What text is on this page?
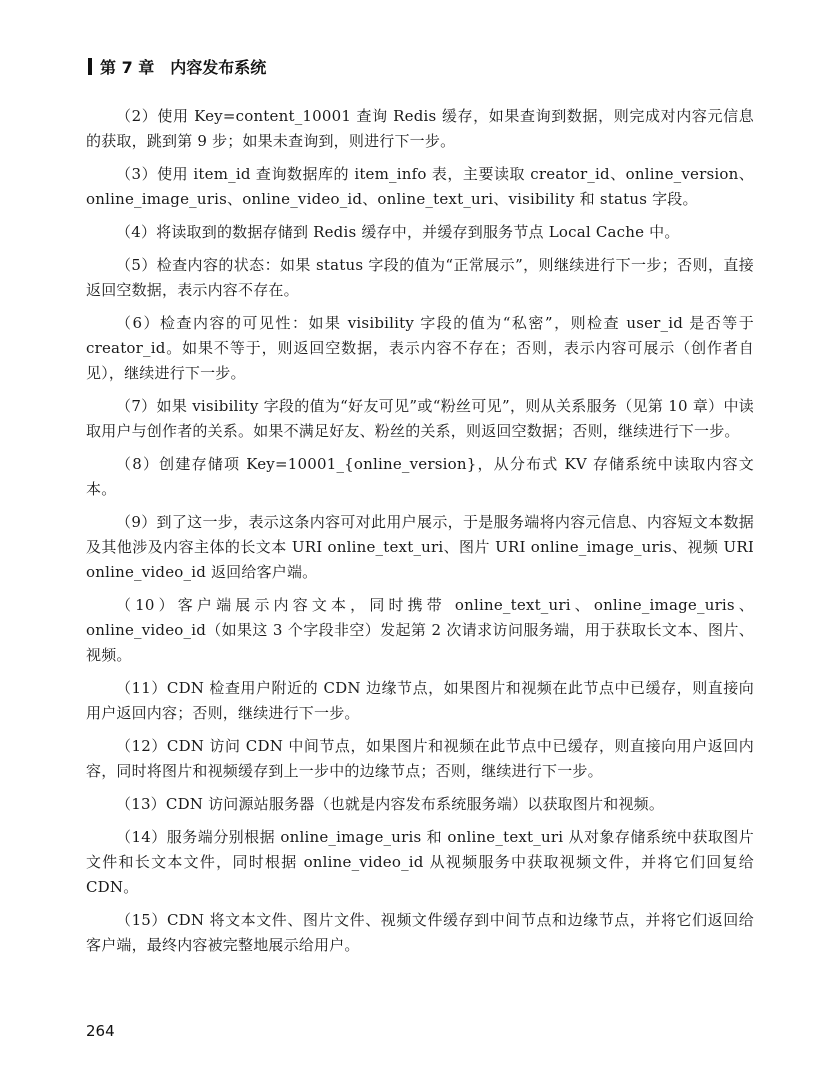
第 7 章 内容发布系统

（2）使用 Key=content_10001 查询 Redis 缓存，如果查询到数据，则完成对内容元信息的获取，跳到第 9 步；如果未查询到，则进行下一步。

（3）使用 item_id 查询数据库的 item_info 表，主要读取 creator_id、online_version、online_image_uris、online_video_id、online_text_uri、visibility 和 status 字段。

（4）将读取到的数据存储到 Redis 缓存中，并缓存到服务节点 Local Cache 中。

（5）检查内容的状态：如果 status 字段的值为“正常展示”，则继续进行下一步；否则，直接返回空数据，表示内容不存在。

（6）检查内容的可见性：如果 visibility 字段的值为“私密”，则检查 user_id 是否等于 creator_id。如果不等于，则返回空数据，表示内容不存在；否则，表示内容可展示（创作者自见），继续进行下一步。

（7）如果 visibility 字段的值为“好友可见”或“粉丝可见”，则从关系服务（见第 10 章）中读取用户与创作者的关系。如果不满足好友、粉丝的关系，则返回空数据；否则，继续进行下一步。

（8）创建存储项 Key=10001_{online_version}，从分布式 KV 存储系统中读取内容文本。

（9）到了这一步，表示这条内容可对此用户展示，于是服务端将内容元信息、内容短文本数据及其他涉及内容主体的长文本 URI online_text_uri、图片 URI online_image_uris、视频 URI online_video_id 返回给客户端。

（10）客户端展示内容文本，同时携带 online_text_uri、online_image_uris、online_video_id（如果这 3 个字段非空）发起第 2 次请求访问服务端，用于获取长文本、图片、视频。

（11）CDN 检查用户附近的 CDN 边缘节点，如果图片和视频在此节点中已缓存，则直接向用户返回内容；否则，继续进行下一步。

（12）CDN 访问 CDN 中间节点，如果图片和视频在此节点中已缓存，则直接向用户返回内容，同时将图片和视频缓存到上一步中的边缘节点；否则，继续进行下一步。

（13）CDN 访问源站服务器（也就是内容发布系统服务端）以获取图片和视频。

（14）服务端分别根据 online_image_uris 和 online_text_uri 从对象存储系统中获取图片文件和长文本文件，同时根据 online_video_id 从视频服务中获取视频文件，并将它们回复给 CDN。

（15）CDN 将文本文件、图片文件、视频文件缓存到中间节点和边缘节点，并将它们返回给客户端，最终内容被完整地展示给用户。

264
